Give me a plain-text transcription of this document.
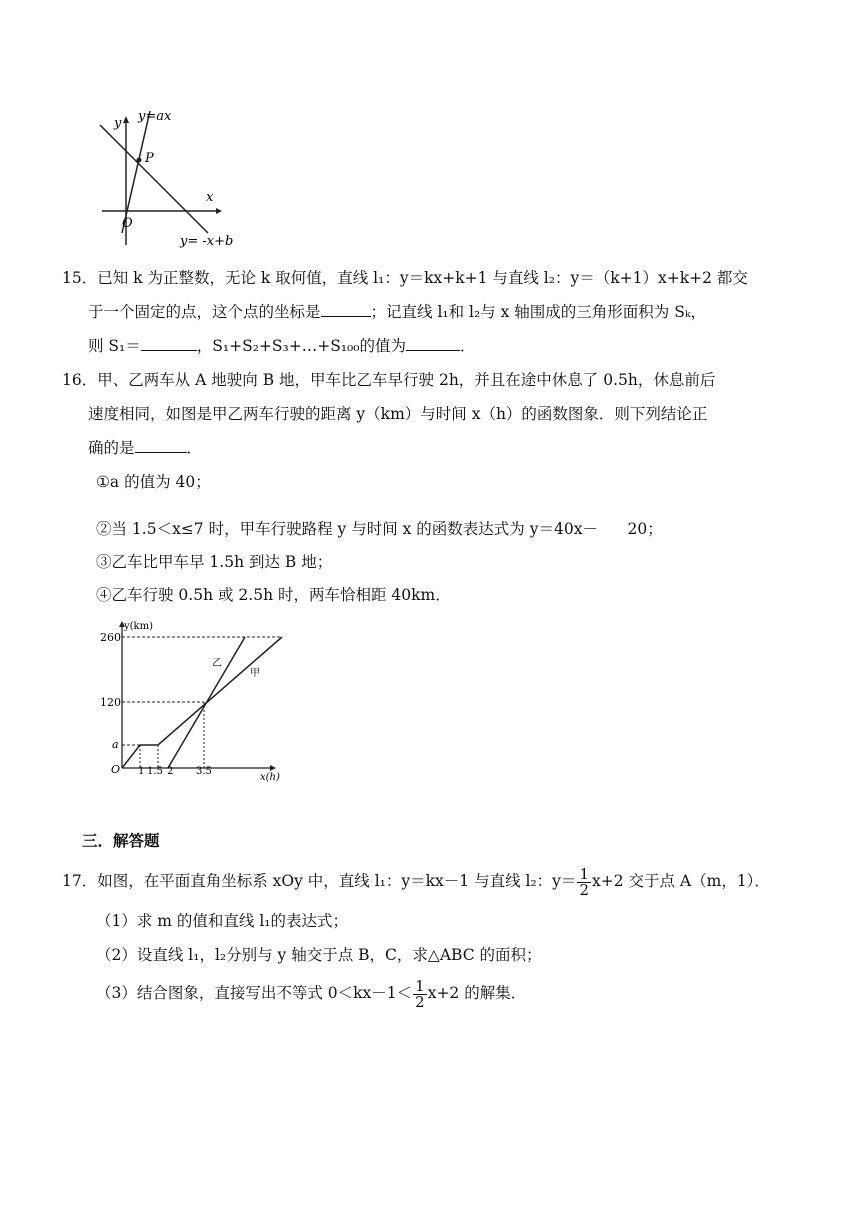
y y=ax
P
x
O
y= -x+b
15．已知 k 为正整数，无论 k 取何值，直线 l₁：y＝kx+k+1 与直线 l₂：y＝（k+1）x+k+2 都交
于一个固定的点，这个点的坐标是	；记直线 l₁和 l₂与 x 轴围成的三角形面积为 Sₖ，
则 S₁＝	，S₁+S₂+S₃+…+S₁₀₀的值为	．
16．甲、乙两车从 A 地驶向 B 地，甲车比乙车早行驶 2h，并且在途中休息了 0.5h，休息前后
速度相同，如图是甲乙两车行驶的距离 y（km）与时间 x（h）的函数图象．则下列结论正
确的是	．
①a 的值为 40；
②当 1.5＜x≤7 时，甲车行驶路程 y 与时间 x 的函数表达式为 y＝40x－      20；
③乙车比甲车早 1.5h 到达 B 地；
④乙车行驶 0.5h 或 2.5h 时，两车恰相距 40km．
y(km)
x(h)
260
120
a
O 1 1.5 2 3.5
乙
甲
三．解答题
17．如图，在平面直角坐标系 xOy 中，直线 l₁：y＝kx－1 与直线 l₂：$y= \frac{1}{2} x+2$ 交于点 A（m，1）．
（1）求 m 的值和直线 l₁的表达式；
（2）设直线 l₁，l₂分别与 y 轴交于点 B，C，求△ABC 的面积；
（3）结合图象，直接写出不等式 $0<kx-1< \frac{1}{2} x+2$ 的解集．
